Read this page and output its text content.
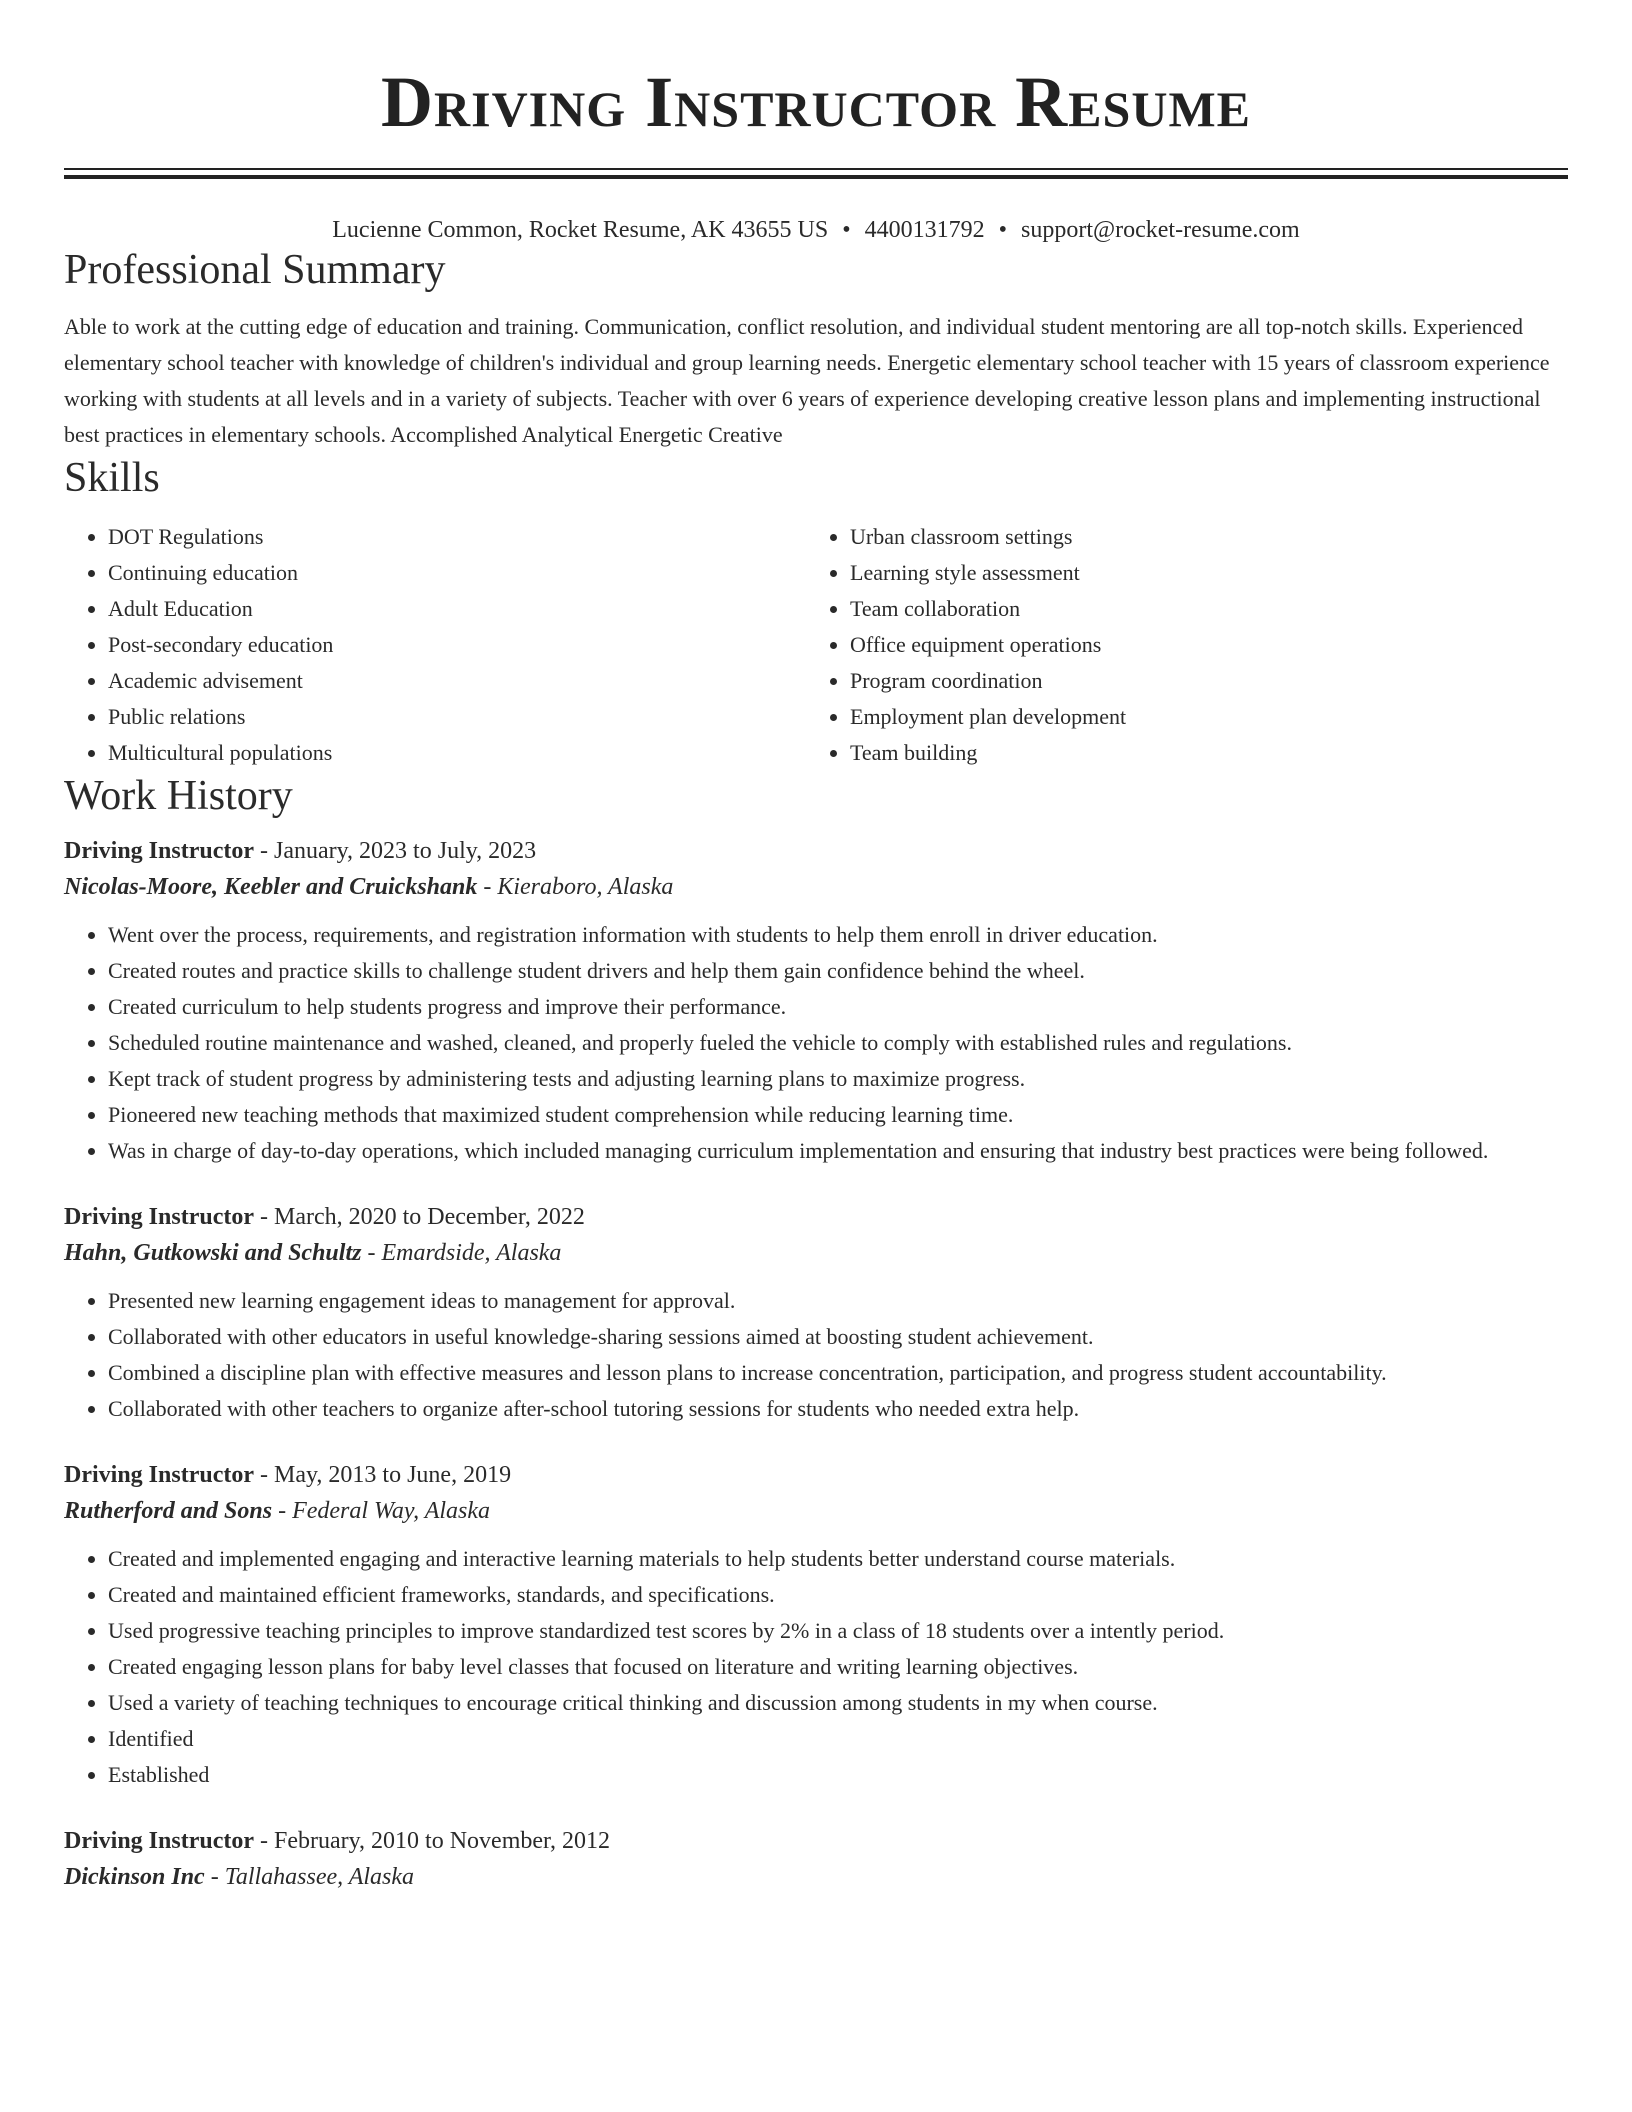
Driving Instructor Resume
Lucienne Common, Rocket Resume, AK 43655 US • 4400131792 • support@rocket-resume.com
Professional Summary
Able to work at the cutting edge of education and training. Communication, conflict resolution, and individual student mentoring are all top-notch skills. Experienced elementary school teacher with knowledge of children's individual and group learning needs. Energetic elementary school teacher with 15 years of classroom experience working with students at all levels and in a variety of subjects. Teacher with over 6 years of experience developing creative lesson plans and implementing instructional best practices in elementary schools. Accomplished Analytical Energetic Creative
Skills
• DOT Regulations
• Continuing education
• Adult Education
• Post-secondary education
• Academic advisement
• Public relations
• Multicultural populations
• Urban classroom settings
• Learning style assessment
• Team collaboration
• Office equipment operations
• Program coordination
• Employment plan development
• Team building
Work History
Driving Instructor - January, 2023 to July, 2023
Nicolas-Moore, Keebler and Cruickshank - Kieraboro, Alaska
• Went over the process, requirements, and registration information with students to help them enroll in driver education.
• Created routes and practice skills to challenge student drivers and help them gain confidence behind the wheel.
• Created curriculum to help students progress and improve their performance.
• Scheduled routine maintenance and washed, cleaned, and properly fueled the vehicle to comply with established rules and regulations.
• Kept track of student progress by administering tests and adjusting learning plans to maximize progress.
• Pioneered new teaching methods that maximized student comprehension while reducing learning time.
• Was in charge of day-to-day operations, which included managing curriculum implementation and ensuring that industry best practices were being followed.
Driving Instructor - March, 2020 to December, 2022
Hahn, Gutkowski and Schultz - Emardside, Alaska
• Presented new learning engagement ideas to management for approval.
• Collaborated with other educators in useful knowledge-sharing sessions aimed at boosting student achievement.
• Combined a discipline plan with effective measures and lesson plans to increase concentration, participation, and progress student accountability.
• Collaborated with other teachers to organize after-school tutoring sessions for students who needed extra help.
Driving Instructor - May, 2013 to June, 2019
Rutherford and Sons - Federal Way, Alaska
• Created and implemented engaging and interactive learning materials to help students better understand course materials.
• Created and maintained efficient frameworks, standards, and specifications.
• Used progressive teaching principles to improve standardized test scores by 2% in a class of 18 students over a intently period.
• Created engaging lesson plans for baby level classes that focused on literature and writing learning objectives.
• Used a variety of teaching techniques to encourage critical thinking and discussion among students in my when course.
• Identified
• Established
Driving Instructor - February, 2010 to November, 2012
Dickinson Inc - Tallahassee, Alaska
